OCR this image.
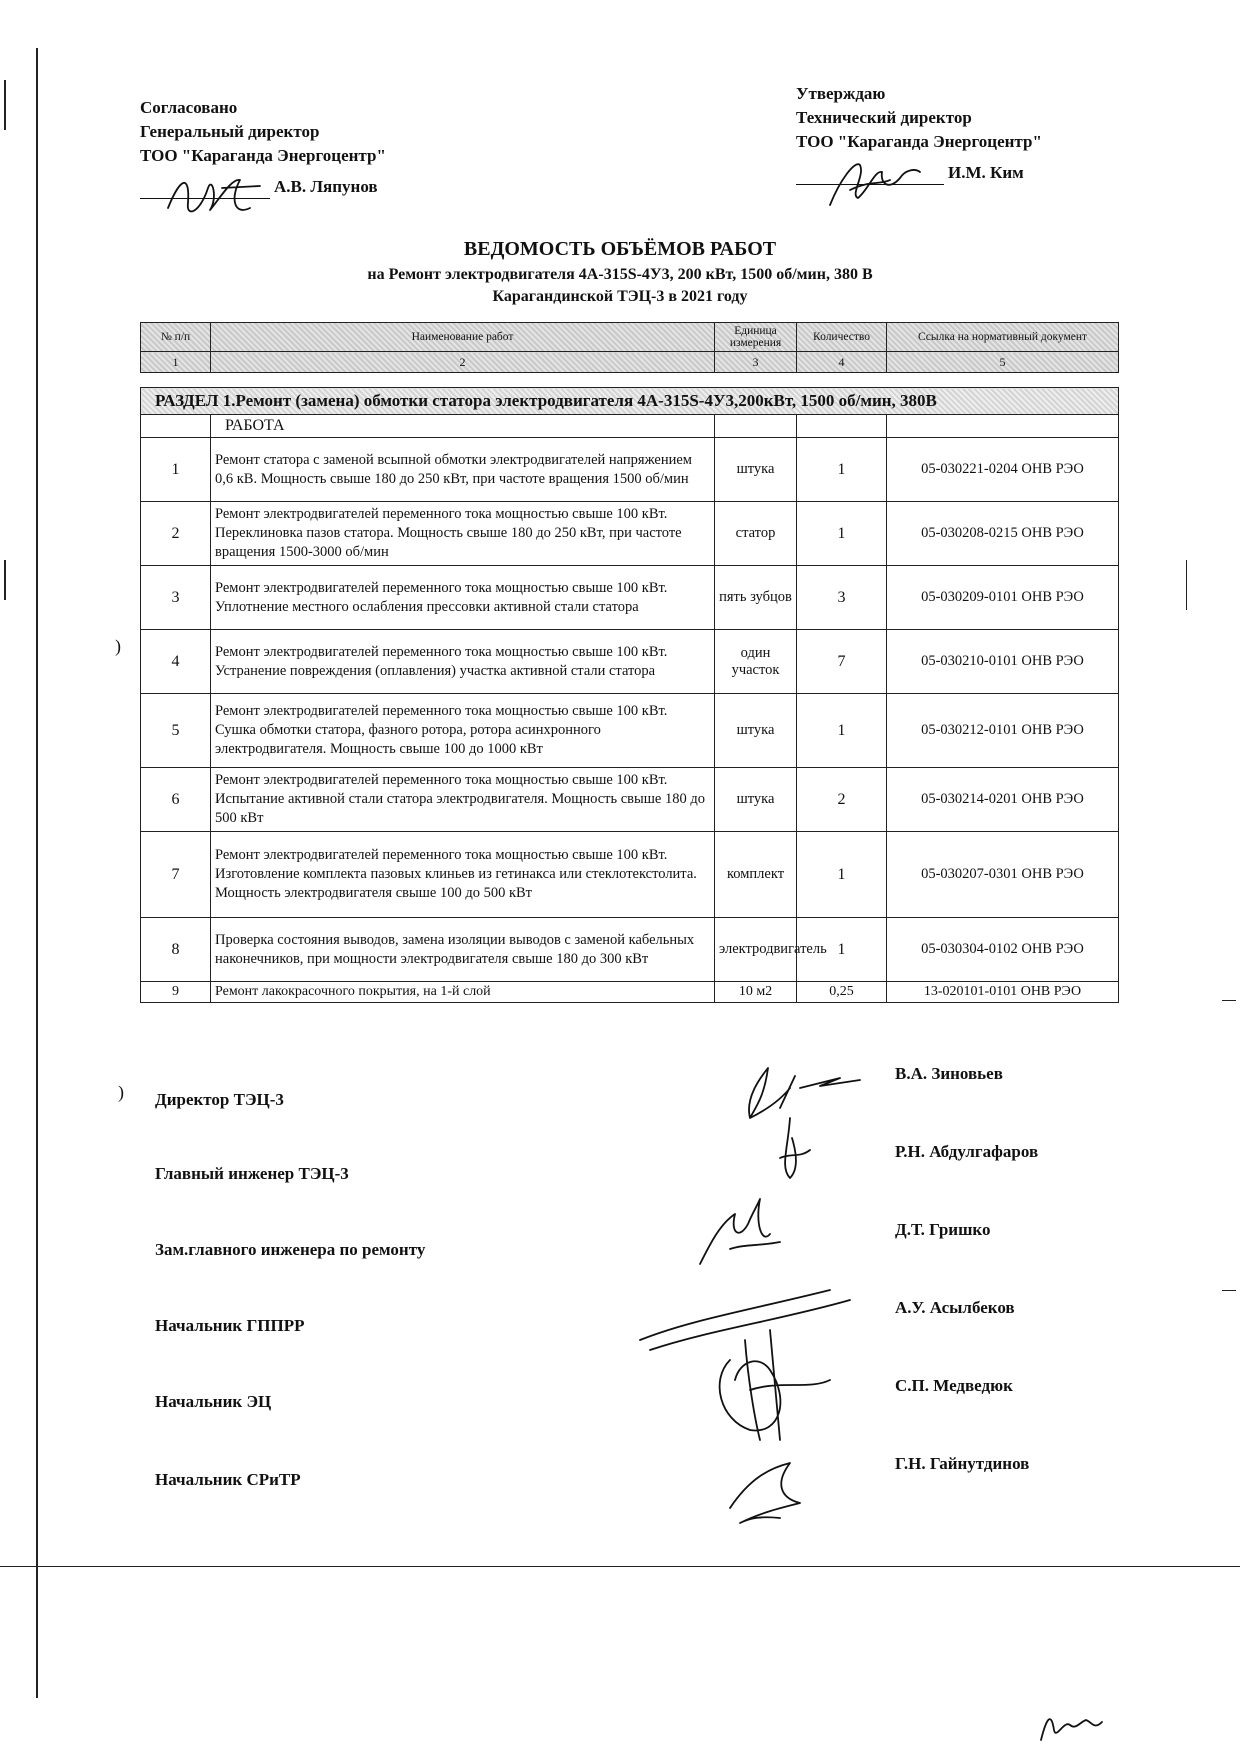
Согласовано
Генеральный директор
ТОО "Караганда Энергоцентр"
А.В. Ляпунов
Утверждаю
Технический директор
ТОО "Караганда Энергоцентр"
И.М. Ким
ВЕДОМОСТЬ ОБЪЁМОВ РАБОТ
на Ремонт электродвигателя 4А-315S-4У3, 200 кВт, 1500 об/мин, 380 В
Карагандинской ТЭЦ-3 в 2021 году
№ п/п	Наименование работ	Единица измерения	Количество	Ссылка на нормативный документ
1	2	3	4	5

РАЗДЕЛ 1.Ремонт (замена) обмотки статора электродвигателя 4А-315S-4У3,200кВт, 1500 об/мин, 380В				
	РАБОТА			
1	Ремонт статора с заменой всыпной обмотки электродвигателей напряжением 0,6 кВ. Мощность свыше 180 до 250 кВт, при частоте вращения 1500 об/мин	штука	1	05-030221-0204 ОНВ РЭО
2	Ремонт электродвигателей переменного тока мощностью свыше 100 кВт. Переклиновка пазов статора. Мощность свыше 180 до 250 кВт, при частоте вращения 1500-3000 об/мин	статор	1	05-030208-0215 ОНВ РЭО
3	Ремонт электродвигателей переменного тока мощностью свыше 100 кВт. Уплотнение местного ослабления прессовки активной стали статора	пять зубцов	3	05-030209-0101 ОНВ РЭО
4	Ремонт электродвигателей переменного тока мощностью свыше 100 кВт. Устранение повреждения (оплавления) участка активной стали статора	один участок	7	05-030210-0101 ОНВ РЭО
5	Ремонт электродвигателей переменного тока мощностью свыше 100 кВт. Сушка обмотки статора, фазного ротора, ротора асинхронного электродвигателя. Мощность свыше 100 до 1000 кВт	штука	1	05-030212-0101 ОНВ РЭО
6	Ремонт электродвигателей переменного тока мощностью свыше 100 кВт. Испытание активной стали статора электродвигателя. Мощность свыше 180 до 500 кВт	штука	2	05-030214-0201 ОНВ РЭО
7	Ремонт электродвигателей переменного тока мощностью свыше 100 кВт. Изготовление комплекта пазовых клиньев из гетинакса или стеклотекстолита. Мощность электродвигателя свыше 100 до 500 кВт	комплект	1	05-030207-0301 ОНВ РЭО
8	Проверка состояния выводов, замена изоляции выводов с заменой кабельных наконечников, при мощности электродвигателя свыше 180 до 300 кВт	электродвигатель	1	05-030304-0102 ОНВ РЭО
9	Ремонт лакокрасочного покрытия, на 1-й слой	10 м2	0,25	13-020101-0101 ОНВ РЭО
Директор ТЭЦ-3
Главный инженер ТЭЦ-3
Зам.главного инженера по ремонту
Начальник ГППРР
Начальник ЭЦ
Начальник СРиТР
В.А. Зиновьев
Р.Н. Абдулгафаров
Д.Т. Гришко
А.У. Асылбеков
С.П. Медведюк
Г.Н. Гайнутдинов
)
)
